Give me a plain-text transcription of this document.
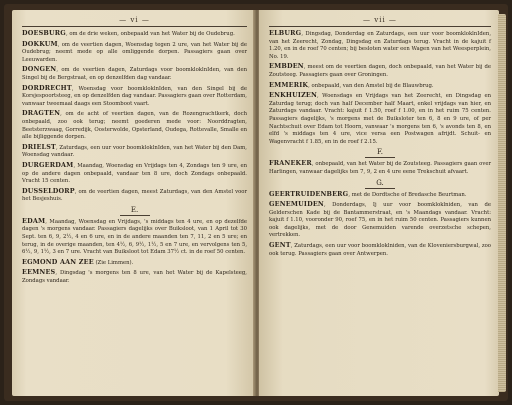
— vi —

DOESBURG, om de drie weken, onbepaald van het Water bij de Oudebrug.

DOKKUM, om de veertien dagen, Woensdag tegen 2 ure, van het Water bij de Oudebrug; neemt mede op alle omliggende dorpen. Passagiers gaan over Leeuwarden.

DONGEN, om de veertien dagen, Zaturdags voor boomkloklnIden, van den Singel bij de Bergstraat, en op denzelfden dag vandaar.

DORDRECHT, Woensdag voor boomkloklnIden, van den Singel bij de Korsjespoortsteeg, en op denzelfden dag vandaar. Passagiers gaan over Rotterdam, vanwaar tweemaal daags een Stoomboot vaart.

DRAGTEN, om de acht of veertien dagen, van de Rozengrachtkerk, doch onbepaald, zoo ook terug; neemt goederen mede voor: Noorddragten, Beetsterzwaag, Gorredijk, Oosterwolde, Opsterland, Oudega, Rottevalle, Smalle en alle bijliggende dorpen.

DRIELST, Zaturdags, een uur voor boomkloklnIden, van het Water bij den Dam, Woensdag vandaar.

DURGERDAM, Maandag, Woensdag en Vrijdags ten 4, Zondags ten 9 ure, en op de andere dagen onbepaald, vandaar ten 8 ure, doch Zondags onbepaald. Vracht 15 centen.

DUSSELDORP, om de veertien dagen, meest Zaturdags, van den Amstel voor het Besjeshuis.

E.

EDAM, Maandag, Woensdag en Vrijdags, 's middags ten 4 ure, en op dezelfde dagen 's morgens vandaar. Passagiers dagelijks over Buiksloot, van 1 April tot 30 Sept. ten 6, 9, 2½, 4 en 6 ure, en in de andere maanden ten 7, 11, 2 en 5 ure; en terug, in de overige maanden, ten 4½, 6, 9½, 1½, 5 en 7 ure, en vervolgens ten 5, 6½, 9, 1½, 3 en 7 ure. Vracht van Buiksloot tot Edam 37½ ct. in de roef 50 centen.

EGMOND AAN ZEE (Zie Limmen).

EEMNES, Dingsdag 's morgens ten 8 ure, van het Water bij de Kapelsteeg, Zondags vandaar.

— vii —

ELBURG, Dingsdag, Donderdag en Zaturdags, een uur voor boomkloklnIden, van het Zeerecht, Zondag, Dingsdag en Zaturdags terug. Vracht in de kajuit f 1.20, en in de roef 70 centen; bij besloten water een Wagen van het Weesperplein, No. 19.

EMBDEN, meest om de veertien dagen, doch onbepaald, van het Water bij de Zoutsteeg. Passagiers gaan over Groningen.

EMMERIK, onbepaald, van den Amstel bij de Blauwbrug.

ENKHUIZEN, Woensdags en Vrijdags van het Zeerecht, en Dingsdag en Zaturdag terug; doch van half December half Maart, enkel vrijdags van hier, en Zaturdags vandaar. Vracht: kajuit f 1.50, roef f 1.00, en in het ruim 75 centen. Passagiers dagelijks, 's morgens met de Buiksloter ten 6, 8 en 9 ure, of per Nachtschuit over Edam tot Hoorn, vanwaar 's morgens ten 6, 's avonds ten 8, en elfd 's middags ten 4 ure, vice versa een Postwagen afrijdt. Schuit- en Wagenvracht f 1.85, en in de roef f 2.15.

F.

FRANEKER, onbepaald, van het Water bij de Zoutsteeg. Passagiers gaan over Harlingen, vanwaar dagelijks ten 7, 9, 2 en 4 ure eene Trekschuit afvaart.

G.

GEERTRUIDENBERG, met de Dordtsche of Bredasche Beurtman.

GENEMUIDEN, Donderdags, Ij uur voor boomkloklniden, van de Gelderschen Kade bij de Bantammerstraat, en 's Maandags vandaar. Vracht: kajuit f 1.10, vooronder 90, roef 75, en in het ruim 50 centen. Passagiers kunnen ook dagelijks, met de door Genemuiden varende overzetsche schepen, vertrekken.

GENT, Zaturdags, een uur voor boomkloklniden, van de Kloveniersburgwal, zoo ook terug. Passagiers gaan over Antwerpen.
